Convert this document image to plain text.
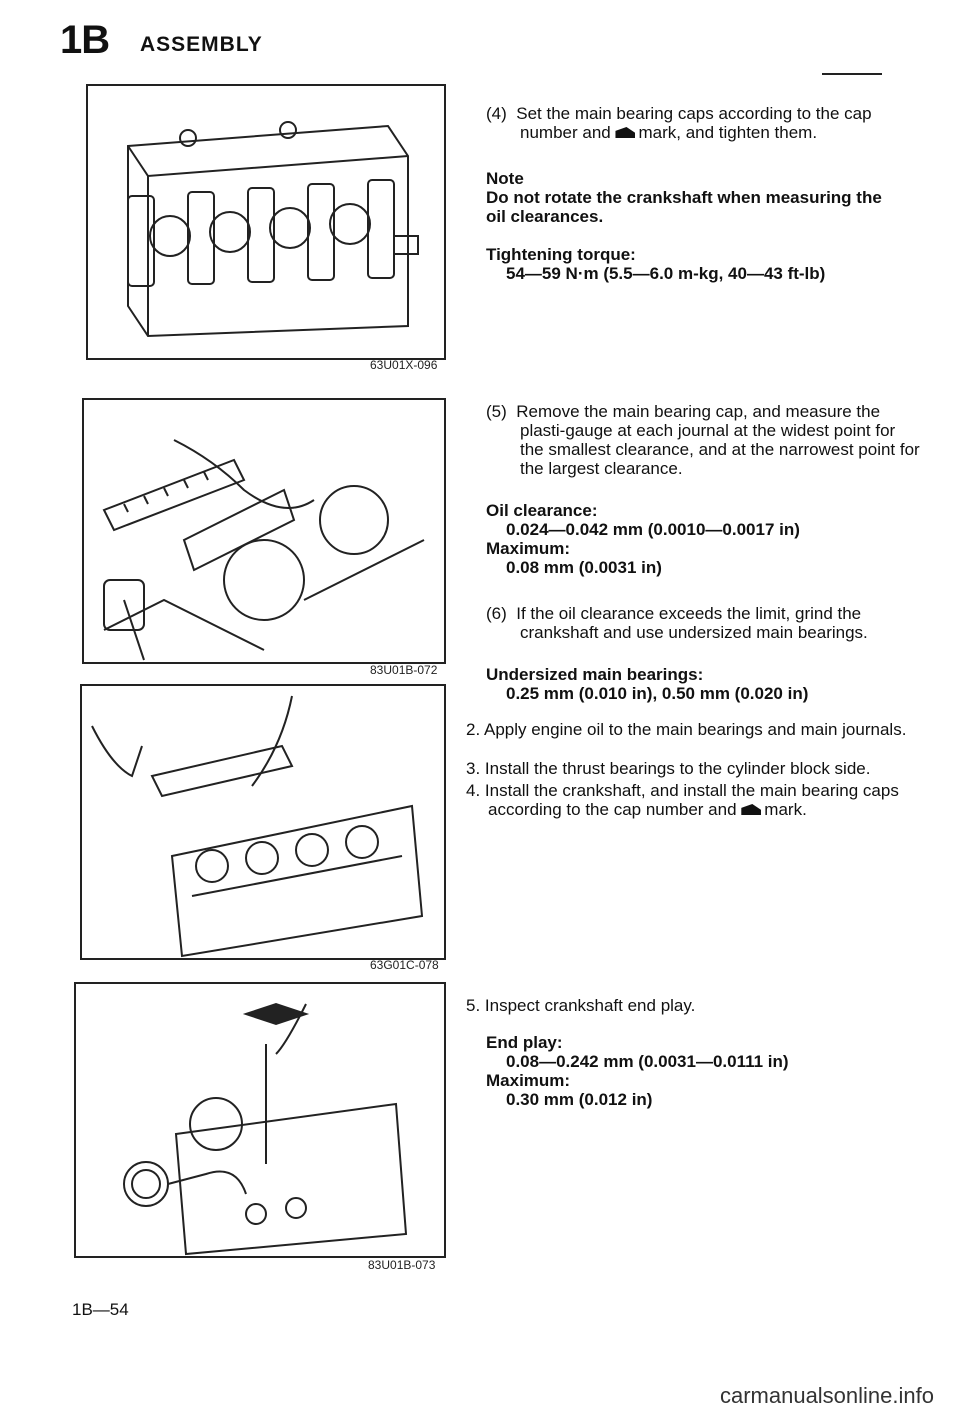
1B ASSEMBLY
63U01X-096
83U01B-072
63G01C-078
83U01B-073
(4) Set the main bearing caps according to the cap number and mark, and tighten them.
Note
Do not rotate the crankshaft when measuring the oil clearances.
Tightening torque:
54—59 N·m (5.5—6.0 m-kg, 40—43 ft-lb)
(5) Remove the main bearing cap, and measure the plasti-gauge at each journal at the widest point for the smallest clearance, and at the narrowest point for the largest clearance.
Oil clearance:
0.024—0.042 mm (0.0010—0.0017 in)
Maximum:
0.08 mm (0.0031 in)
(6) If the oil clearance exceeds the limit, grind the crankshaft and use undersized main bearings.
Undersized main bearings:
0.25 mm (0.010 in), 0.50 mm (0.020 in)
2. Apply engine oil to the main bearings and main journals.
3. Install the thrust bearings to the cylinder block side.
4. Install the crankshaft, and install the main bearing caps according to the cap number and mark.
5. Inspect crankshaft end play.
End play:
0.08—0.242 mm (0.0031—0.0111 in)
Maximum:
0.30 mm (0.012 in)
1B—54
carmanualsonline.info
